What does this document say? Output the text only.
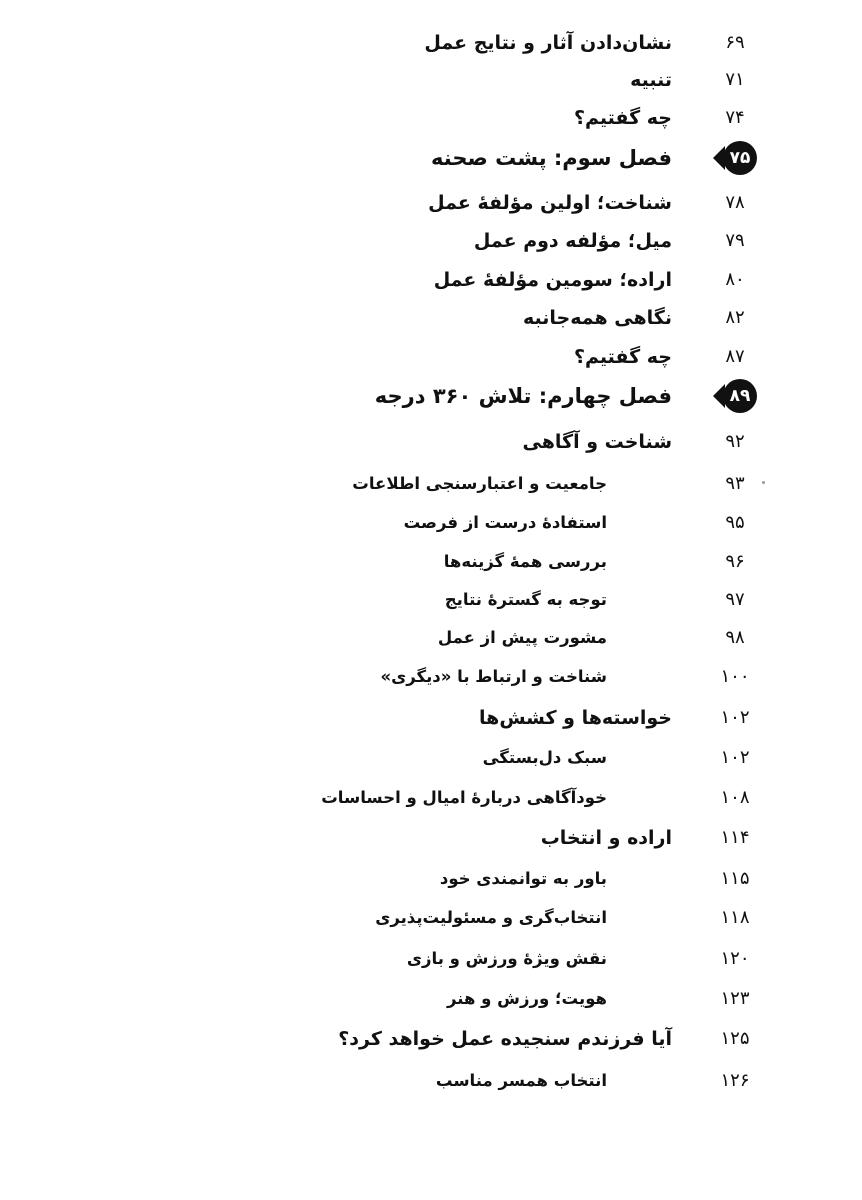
۶۹
نشان‌دادن آثار و نتایج عمل
۷۱
تنبیه
۷۴
چه گفتیم؟
۷۵
فصل سوم: پشت صحنه
۷۸
شناخت؛ اولین مؤلفهٔ عمل
۷۹
میل؛ مؤلفه دوم عمل
۸۰
اراده؛ سومین مؤلفهٔ عمل
۸۲
نگاهی همه‌جانبه
۸۷
چه گفتیم؟
۸۹
فصل چهارم: تلاش ۳۶۰ درجه
۹۲
شناخت و آگاهی
۹۳
جامعیت و اعتبارسنجی اطلاعات
۹۵
استفادهٔ درست از فرصت
۹۶
بررسی همهٔ گزینه‌ها
۹۷
توجه به گسترهٔ نتایج
۹۸
مشورت پیش از عمل
۱۰۰
شناخت و ارتباط با «دیگری»
۱۰۲
خواسته‌ها و کشش‌ها
۱۰۲
سبک دل‌بستگی
۱۰۸
خودآگاهی دربارهٔ امیال و احساسات
۱۱۴
اراده و انتخاب
۱۱۵
باور به توانمندی خود
۱۱۸
انتخاب‌گری و مسئولیت‌پذیری
۱۲۰
نقش ویژهٔ ورزش و بازی
۱۲۳
هویت؛ ورزش و هنر
۱۲۵
آیا فرزندم سنجیده عمل خواهد کرد؟
۱۲۶
انتخاب همسر مناسب
